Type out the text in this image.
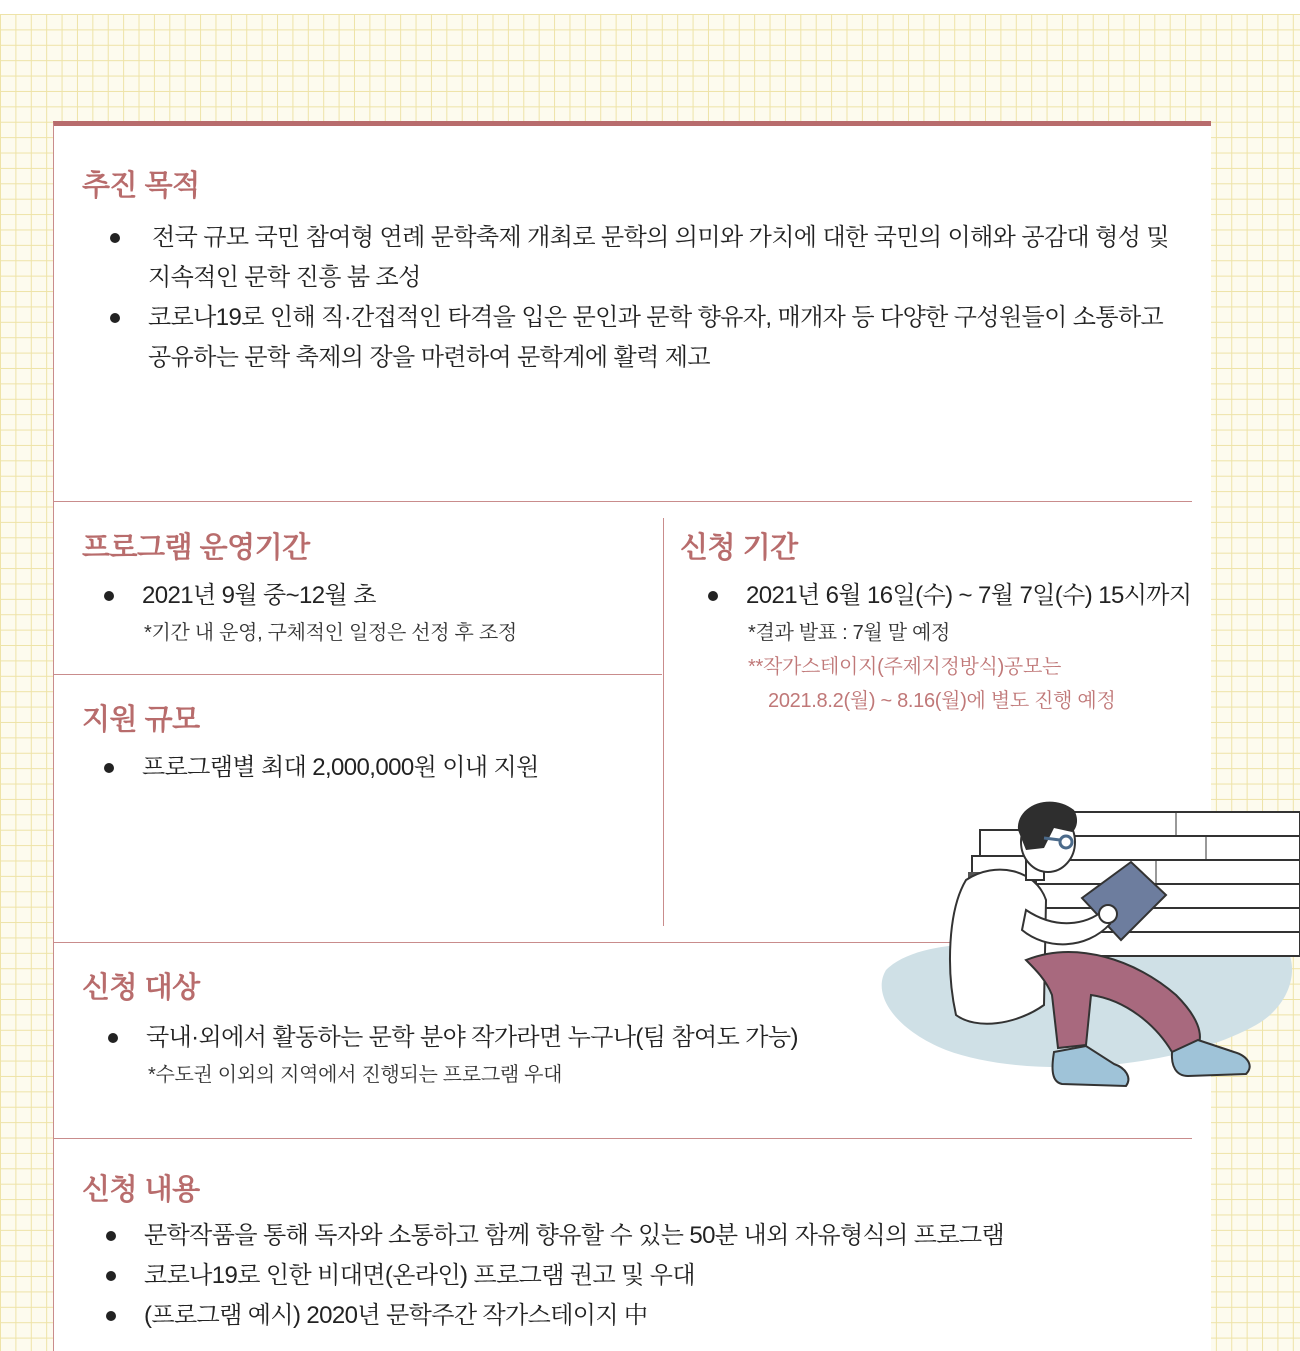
추진 목적
전국 규모 국민 참여형 연례 문학축제 개최로 문학의 의미와 가치에 대한 국민의 이해와 공감대 형성 및
지속적인 문학 진흥 붐 조성
코로나19로 인해 직·간접적인 타격을 입은 문인과 문학 향유자, 매개자 등 다양한 구성원들이 소통하고
공유하는 문학 축제의 장을 마련하여 문학계에 활력 제고
프로그램 운영기간
2021년 9월 중~12월 초
*기간 내 운영, 구체적인 일정은 선정 후 조정
신청 기간
2021년 6월 16일(수) ~ 7월 7일(수) 15시까지
*결과 발표 : 7월 말 예정
**작가스테이지(주제지정방식)공모는
2021.8.2(월) ~ 8.16(월)에 별도 진행 예정
지원 규모
프로그램별 최대 2,000,000원 이내 지원
신청 대상
국내·외에서 활동하는 문학 분야 작가라면 누구나(팀 참여도 가능)
*수도권 이외의 지역에서 진행되는 프로그램 우대
신청 내용
문학작품을 통해 독자와 소통하고 함께 향유할 수 있는 50분 내외 자유형식의 프로그램
코로나19로 인한 비대면(온라인) 프로그램 권고 및 우대
(프로그램 예시) 2020년 문학주간 작가스테이지 中
